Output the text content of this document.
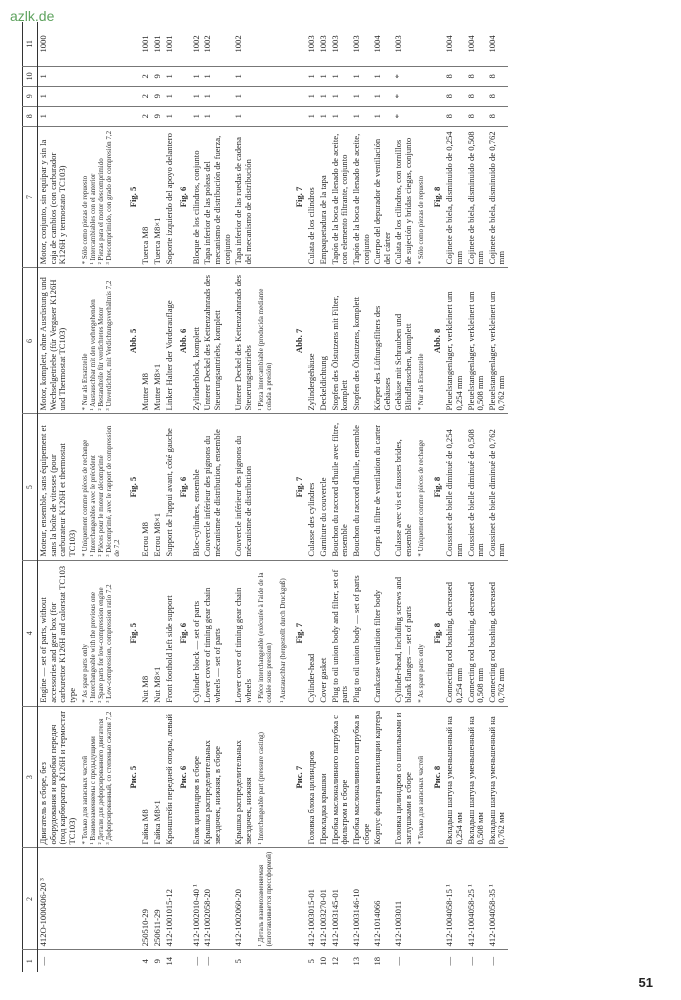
azlk.de
1	2	3	4	5	6	7	8	9	10	11
—	412О-1000406-20 ³	Двигатель в сборе, без оборудования и коробки передач (под карбюратор К126Н и термостат ТС103)	Engine — set of parts, without accessories and gear box (for carburettor K126H and calorstat TC103 type	Moteur, ensemble, sans équipement et sans la boîte de vitesses (pour carburateur K126H et thermostat TC103)	Motor, komplett, ohne Ausrüstung und Wechselgetriebe (für Vergaser K126H und Thermostat TC103)	Motor, conjunto, sin equipar y sin la caja de cambios (con carburador K126H y termostato TC103)	1	1	1	1000
		* Только для запасных частей
¹ Взаимозаменяемы с предыдущими
² Детали для дефорсированного двигателя
³ Дефорсированный, со степенью сжатия 7,2	* As spare parts only
¹ Interchangeable with the previous one
² Spare parts for low-compression engine
³ Low-compression, compression ratio 7,2	* Uniquement comme pièces de rechange
¹ Interchangeables avec le précédent
² Pièces pour le moteur décomprimé
³ Décomprimé, avec le rapport de compression de 7,2	* Nur als Ersatzteile
¹ Austauschbar mit den vorhergehenden
² Bestandteile für verdichtetes Motor
³ Unverdichtet, mit Verdichtungsverhältnis 7,2	* Sólo como piezas de repuesto
¹ Intercambiables con el anterior
² Piezas para el motor descomprimido
³ Descomprimido, con grado de compresión 7,2				
		Рис. 5	Fig. 5	Fig. 5	Abb. 5	Fig. 5				
4	250510-29	Гайка М8	Nut M8	Ecrou M8	Mutter M8	Tuerca M8	2	2	2	1001
9	250611-29	Гайка М8×1	Nut M8×1	Ecrou M8×1	Mutter M8×1	Tuerca M8×1	9	9	9	1001
14	412-1001015-12	Кронштейн передней опоры, левый	Front foothold left side support	Support de l'appui avant, côté gauche	Linker Halter der Vorderauflage	Soporte izquierdo del apoyo delantero	1	1	1	1001
		Рис. 6	Fig. 6	Fig. 6	Abb. 6	Fig. 6				
—	412-1002010-40 ¹	Блок цилиндров в сборе	Cylinder block — set of parts	Bloc-cylindres, ensemble	Zylinderblock, komplett	Bloque de los cilindros, conjunto	1	1	1	1002
—	412-1002058-20	Крышка распределительных звездочек, нижняя, в сборе	Lower cover of timing gear chain wheels — set of parts	Couvercle inférieur des pignons du mécanisme de distribution, ensemble	Unterer Deckel des Kettenzahnrads des Steuerungsantriebs, komplett	Tapa inferior de las poleas del mecanismo de distribución de fuerza, conjunto	1	1	1	1002
5	412-1002060-20	Крышка распределительных звездочек, нижняя	Lower cover of timing gear chain wheels	Couvercle inférieur des pignons du mécanisme de distribution	Unterer Deckel des Kettenzahnrads des Steuerungsantriebs	Tapa inferior de las ruedas de cadena del mecanismo de distribución	1	1	1	1002
	¹ Деталь взаимозаменяемая (изготавливается прессформой)	¹ Interchangeable part (pressure casting)	¹ Pièce interchangeable (exécutée à l'aide de la coulée sous pression)		¹ Pieza intercambiable (producida mediante colada a presión)					
			¹ Austauschbar (hergestellt durch Druckguß)							
		Рис. 7	Fig. 7	Fig. 7	Abb. 7	Fig. 7				
5	412-1003015-01	Головка блока цилиндров	Cylinder-head	Culasse des cylindres	Zylindergehäuse	Culata de los cilindros	1	1	1	1003
10	412-1003270-01	Прокладка крышки	Cover gasket	Garniture du couvercle	Deckeldichtung	Empaquetadura de la tapa	1	1	1	1003
12	412-1003145-01	Пробка маслоналивного патрубка с фильтром в сборе	Plug to oil union body and filter, set of parts	Bouchon du raccord d'huile avec filtre, ensemble	Stopfen des Ölstutzens mit Filter, komplett	Tapón de la boca de llenado de aceite, con elemento filtrante, conjunto	1	1	1	1003
13	412-1003146-10	Пробка маслоналивного патрубка в сборе	Plug to oil union body — set of parts	Bouchon du raccord d'huile, ensemble	Stopfen des Ölstutzens, komplett	Tapón de la boca de llenado de aceite, conjunto	1	1	1	1003
18	412-1014066	Корпус фильтра вентиляции картера	Crankcase ventilation filter body	Corps du filtre de ventilation du carter	Körper des Lüftungsfilters des Gehäuses	Cuerpo del depurador de ventilación del cárter	1	1	1	1004
—	412-1003011	Головка цилиндров со шпильками и заглушками в сборе	Cylinder-head, including screws and blank flanges — set of parts	Culasse avec vis et fausses brides, ensemble	Gehäuse mit Schrauben und Blindflanschen, komplett	Culata de los cilindros, con tornillos de sujeción y bridas ciegas, conjunto	*	*	*	1003
		* Только для запасных частей	* As spare parts only	* Uniquement comme pièces de rechange	* Nur als Ersatzteile	* Sólo como piezas de repuesto				
		Рис. 8	Fig. 8	Fig. 8	Abb. 8	Fig. 8				
—	412-1004058-15 ¹	Вкладыш шатуна уменьшенный на 0,254 мм	Connecting rod bushing, decreased 0,254 mm	Coussinet de bielle diminué de 0,254 mm	Pleuelstangenlager, verkleinert um 0,254 mm	Cojinete de biela, disminuido de 0,254 mm	8	8	8	1004
—	412-1004058-25 ¹	Вкладыш шатуна уменьшенный на 0,508 мм	Connecting rod bushing, decreased 0,508 mm	Coussinet de bielle diminué de 0,508 mm	Pleuelstangenlager, verkleinert um 0,508 mm	Cojinete de biela, disminuido de 0,508 mm	8	8	8	1004
—	412-1004058-35 ¹	Вкладыш шатуна уменьшенный на 0,762 мм	Connecting rod bushing, decreased 0,762 mm	Coussinet de bielle diminué de 0,762 mm	Pleuelstangenlager, verkleinert um 0,762 mm	Cojinete de biela, disminuido de 0,762 mm	8	8	8	1004
51
